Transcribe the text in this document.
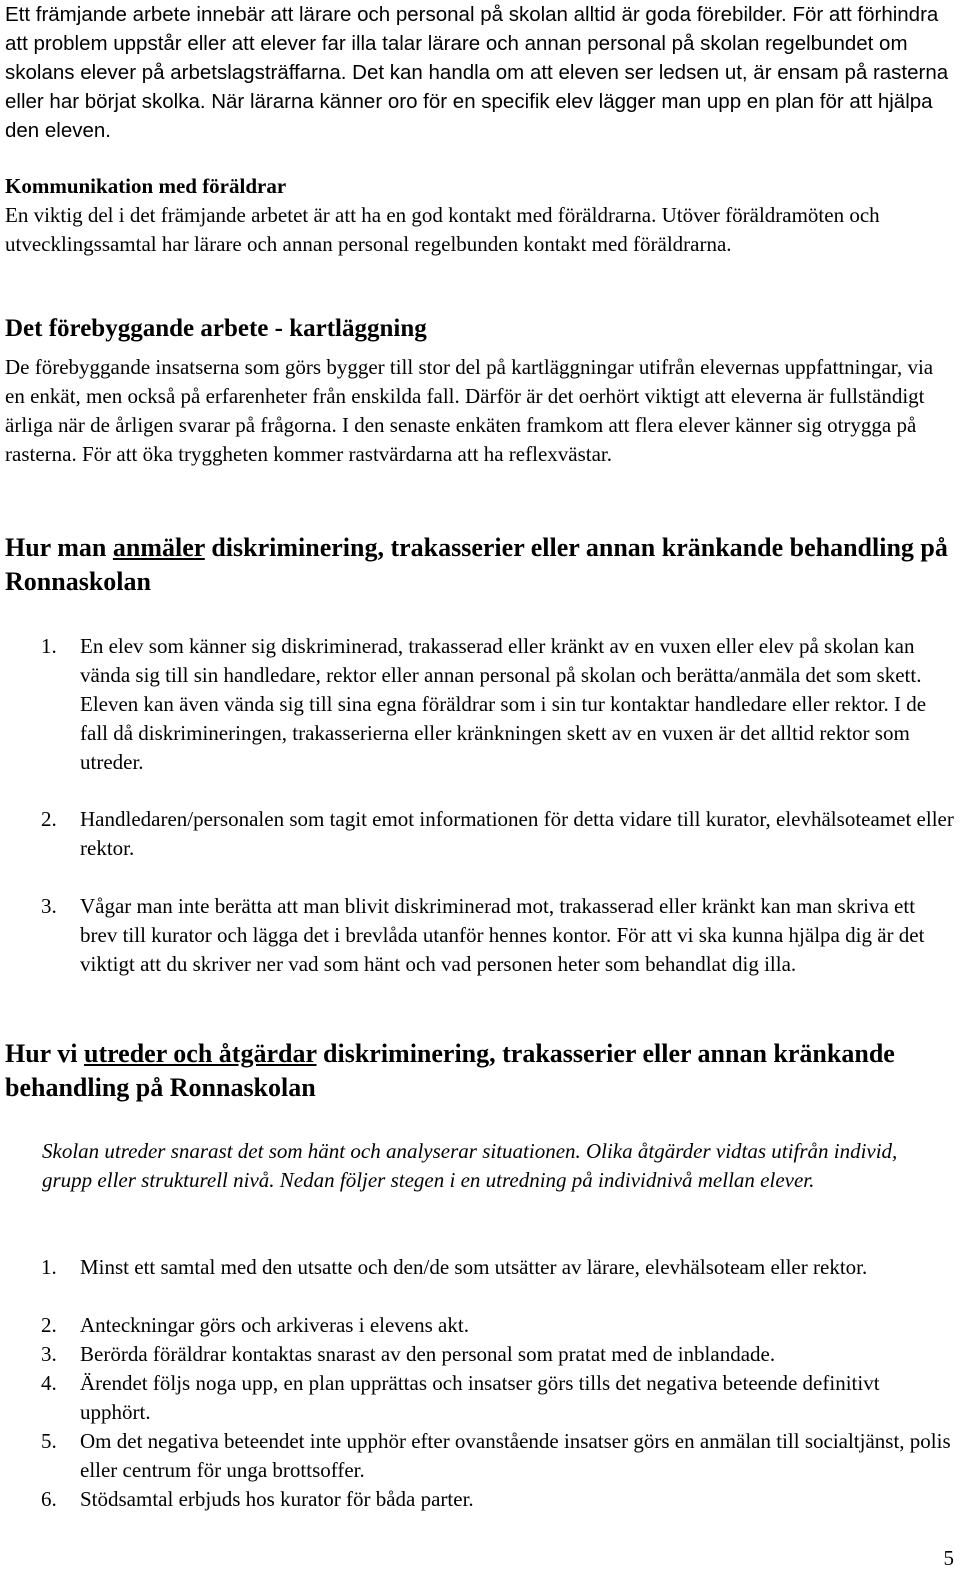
Ett främjande arbete innebär att lärare och personal på skolan alltid är goda förebilder. För att förhindra att problem uppstår eller att elever far illa talar lärare och annan personal på skolan regelbundet om skolans elever på arbetslagsträffarna. Det kan handla om att eleven ser ledsen ut, är ensam på rasterna eller har börjat skolka. När lärarna känner oro för en specifik elev lägger man upp en plan för att hjälpa den eleven.

Kommunikation med föräldrar

En viktig del i det främjande arbetet är att ha en god kontakt med föräldrarna. Utöver föräldramöten och utvecklingssamtal har lärare och annan personal regelbunden kontakt med föräldrarna.

Det förebyggande arbete - kartläggning

De förebyggande insatserna som görs bygger till stor del på kartläggningar utifrån elevernas uppfattningar, via en enkät, men också på erfarenheter från enskilda fall. Därför är det oerhört viktigt att eleverna är fullständigt ärliga när de årligen svarar på frågorna. I den senaste enkäten framkom att flera elever känner sig otrygga på rasterna. För att öka tryggheten kommer rastvärdarna att ha reflexvästar.

Hur man anmäler diskriminering, trakasserier eller annan kränkande behandling på Ronnaskolan
1.	En elev som känner sig diskriminerad, trakasserad eller kränkt av en vuxen eller elev på skolan kan vända sig till sin handledare, rektor eller annan personal på skolan och berätta/anmäla det som skett. Eleven kan även vända sig till sina egna föräldrar som i sin tur kontaktar handledare eller rektor. I de fall då diskrimineringen, trakasserierna eller kränkningen skett av en vuxen är det alltid rektor som utreder.
2.	Handledaren/personalen som tagit emot informationen för detta vidare till kurator, elevhälsoteamet eller rektor.
3.	Vågar man inte berätta att man blivit diskriminerad mot, trakasserad eller kränkt kan man skriva ett brev till kurator och lägga det i brevlåda utanför hennes kontor. För att vi ska kunna hjälpa dig är det viktigt att du skriver ner vad som hänt och vad personen heter som behandlat dig illa.
Hur vi utreder och åtgärdar diskriminering, trakasserier eller annan kränkande behandling på Ronnaskolan

Skolan utreder snarast det som hänt och analyserar situationen. Olika åtgärder vidtas utifrån individ, grupp eller strukturell nivå. Nedan följer stegen i en utredning på individnivå mellan elever.

1.	Minst ett samtal med den utsatte och den/de som utsätter av lärare, elevhälsoteam eller rektor.
2.	Anteckningar görs och arkiveras i elevens akt.
3.	Berörda föräldrar kontaktas snarast av den personal som pratat med de inblandade.
4.	Ärendet följs noga upp, en plan upprättas och insatser görs tills det negativa beteende definitivt upphört.
5.	Om det negativa beteendet inte upphör efter ovanstående insatser görs en anmälan till socialtjänst, polis eller centrum för unga brottsoffer.
6.	Stödsamtal erbjuds hos kurator för båda parter.
5
